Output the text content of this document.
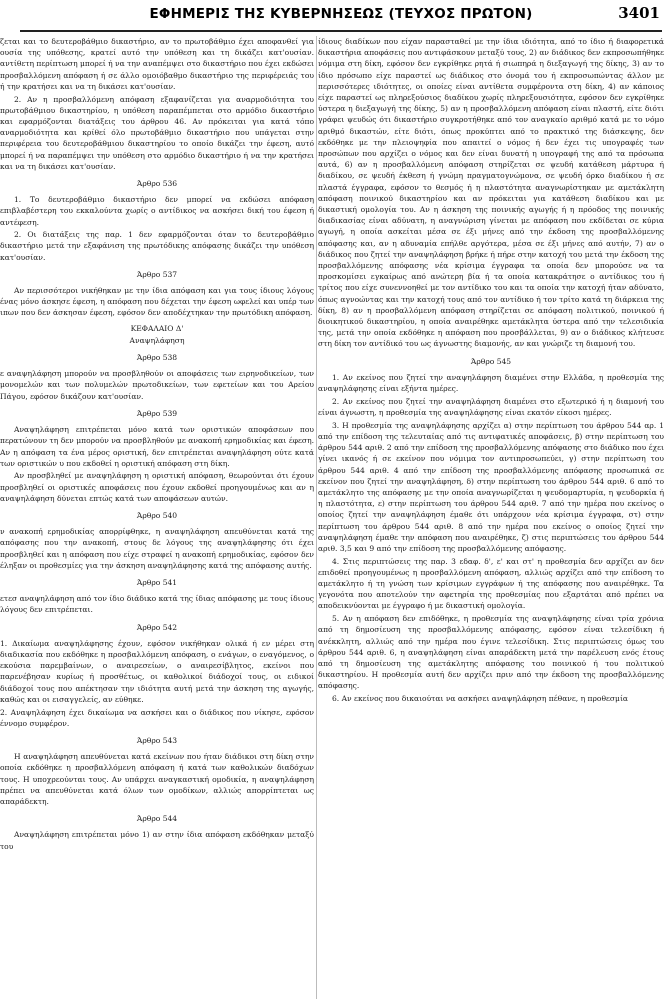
ΕΦΗΜΕΡΙΣ ΤΗΣ ΚΥΒΕΡΝΗΣΕΩΣ (ΤΕΥΧΟΣ ΠΡΩΤΟΝ)	3401

ζεται και το δευτεροβάθμιο δικαστήριο, αν το πρωτοβάθμιο έχει αποφανθεί για ουσία της υπόθεσης, κρατεί αυτό την υπόθεση και τη δικάζει κατ'ουσίαν. αντίθετη περίπτωση μπορεί ή να την αναπέμψει στο δικαστήριο που έχει εκδώσει προσβαλλόμενη απόφαση ή σε άλλο ομοιόβαθμο δικαστήριο της περιφέρειάς του ή την κρατήσει και να τη δικάσει κατ'ουσίαν.

2. Αν η προσβαλλόμενη απόφαση εξαφανίζεται για αναρμοδιότητα του πρωτοβάθμιου δικαστηρίου, η υπόθεση παραπέμπεται στο αρμόδιο δικαστήριο και εφαρμόζονται διατάξεις του άρθρου 46. Αν πρόκειται για κατά τόπο αναρμοδιότητα και κρίθεί όλο πρωτοβάθμιο δικαστήριο που υπάγεται στην περιφέρεια του δευτεροβάθμιου δικαστηρίου το οποίο δικάζει την έφεση, αυτό μπορεί ή να παραπέμψει την υπόθεση στο αρμόδιο δικαστήριο ή να την κρατήσει και να τη δικάσει κατ'ουσίαν.

Άρθρο 536

1. Το δευτεροβάθμιο δικαστήριο δεν μπορεί να εκδώσει απόφαση επιβλαβέστερη του εκκαλούντα χωρίς ο αντίδικος να ασκήσει δική του έφεση ή αντέφεση.

2. Οι διατάξεις της παρ. 1 δεν εφαρμόζονται όταν το δευτεροβάθμιο δικαστήριο μετά την εξαφάνιση της πρωτόδικης απόφασης δικάζει την υπόθεση κατ'ουσίαν.

Άρθρο 537

Αν περισσότεροι νικήθηκαν με την ίδια απόφαση και για τους ίδιους λόγους ένας μόνο άσκησε έφεση, η απόφαση που δέχεται την έφεση ωφελεί και υπέρ των ιπων που δεν άσκησαν έφεση, εφόσον δεν αποδέχτηκαν την πρωτόδικη απόφαση.

ΚΕΦΑΛΑΙΟ Δ'
Αναψηλάφηση
Άρθρο 538

ε αναψηλάφηση μπορούν να προσβληθούν οι αποφάσεις των ειρηνοδικείων, των μονομελών και των πολυμελών πρωτοδικείων, των εφετείων και του Αρείου Πάγου, εφόσον δικάζουν κατ'ουσίαν.

Άρθρο 539

Αναψηλάφηση επιτρέπεται μόνο κατά των οριστικών αποφάσεων που περατώνουν τη δεν μπορούν να προσβληθούν με ανακοπή ερημοδικίας και έφεση. Αν η απόφαση τα ένα μέρος οριστική, δεν επιτρέπεται αναψηλάφηση ούτε κατά των οριστικών υ που εκδοθεί η οριστική απόφαση στη δίκη.

Αν προσβληθεί με αναψηλάφηση η οριστική απόφαση, θεωρούνται ότι έχουν προσβληθεί οι οριστικές αποφάσεις που έχουν εκδοθεί προηγουμένως και αν η αναψηλάφηση δύνεται επτώς κατά των αποφάσεων αυτών.

Άρθρο 540

ν ανακοπή ερημοδικίας απορρίφθηκε, η αναψηλάφηση απευθύνεται κατά της απόφασης που την ανακοπή, στους δε λόγους της αναψηλάφησης ότι έχει προσβληθεί και η απόφαση που είχε στραφεί η ανακοπή ερημοδικίας, εφόσον δεν έληξαν οι προθεσμίες για την άσκηση αναψηλάφησης κατά της απόφασης αυτής.

Άρθρο 541

ετεσ αναψηλάφηση από τον ίδιο διάδικο κατά της ίδιας απόφασης με τους ίδιους λόγους δεν επιτρέπεται.

Άρθρο 542

1. Δικαίωμα αναψηλάφησης έχουν, εφόσον νικήθηκαν ολικά ή εν μέρει στη διαδικασία που εκδόθηκε η προσβαλλόμενη απόφαση, ο ενάγων, ο εναγόμενος, ο εκούσια παρεμβαίνων, ο αναιρεσείων, ο αναιρεσίβλητος, εκείνοι που παρενέβησαν κυρίως ή προσθέτως, οι καθολικοί διάδοχοί τους, οι ειδικοί διάδοχοί τους που απέκτησαν την ιδιότητα αυτή μετά την άσκηση της αγωγής, καθώς και οι εισαγγελείς, αν εύθηκε.

2. Αναψηλάφηση έχει δικαίωμα να ασκήσει και ο διάδικος που νίκησε, εφόσον έννομο συμφέρον.

Άρθρο 543

Η αναψηλάφηση απευθύνεται κατά εκείνων που ήταν διάδικοι στη δίκη στην οποία εκδόθηκε η προσβαλλόμενη απόφαση ή κατά των καθολικών διαδόχων τους. Η υποχρεούνται τους. Αν υπάρχει αναγκαστική ομοδικία, η αναψηλάφηση πρέπει να απευθύνεται κατά όλων των ομοδίκων, αλλιώς απορρίπτεται ως απαράδεκτη.

Άρθρο 544

Αναψηλάφηση επιτρέπεται μόνο 1) αν στην ίδια απόφαση εκδόθηκαν μεταξύ του

ίδιους διαδίκων που είχαν παρασταθεί με την ίδια ιδιότητα, από το ίδιο ή διαφορετικά δικαστήρια αποφάσεις που αντιφάσκουν μεταξύ τους, 2) αν διάδικος δεν εκπροσωπήθηκε νόμιμα στη δίκη, εφόσον δεν εγκρίθηκε ρητά ή σιωπηρά η διεξαγωγή της δίκης, 3) αν το ίδιο πρόσωπο είχε παραστεί ως διάδικος στο όνομά του ή εκπροσωπώντας άλλον με περισσότερες ιδιότητες, οι οποίες είναι αντίθετα συμφέροντα στη δίκη, 4) αν κάποιος είχε παραστεί ως πληρεξούσιος διαδίκου χωρίς πληρεξουσιότητα, εφόσον δεν εγκρίθηκε ύστερα η διεξαγωγή της δίκης, 5) αν η προσβαλλόμενη απόφαση είναι πλαστή, είτε διότι γράφει ψευδώς ότι δικαστήριο συγκροτήθηκε από τον αναγκαίο αριθμό κατά με το νόμο αριθμό δικαστών, είτε διότι, όπως προκύπτει από το πρακτικό της διάσκεψης, δεν εκδόθηκε με την πλειοψηφία που απαιτεί ο νόμος ή δεν έχει τις υπογραφές των προσώπων που αρχίζει ο νόμος και δεν είναι δυνατή η υπογραφή της από τα πρόσωπα αυτά, 6) αν η προσβαλλόμενη απόφαση στηρίζεται σε ψευδή κατάθεση μάρτυρα ή διαδίκου, σε ψευδή έκθεση ή γνώμη πραγματογνώμονα, σε ψευδή όρκο διαδίκου ή σε πλαστά έγγραφα, εφόσον το θεσμός ή η πλαστότητα αναγνωρίστηκαν με αμετάκλητη απόφαση ποινικού δικαστηρίου και αν πρόκειται για κατάθεση διαδίκου και με δικαστική ομολογία του. Αν η άσκηση της ποινικής αγωγής ή η πρόοδος της ποινικής διαδικασίας είναι αδύνατη, η αναγνώριση γίνεται με απόφαση που εκδίδεται σε κύρια αγωγή, η οποία ασκείται μέσα σε έξι μήνες από την έκδοση της προσβαλλόμενης απόφασης και, αν η αδυναμία επήλθε αργότερα, μέσα σε έξι μήνες από αυτήν, 7) αν ο διάδικος που ζητεί την αναψηλάφηση βρήκε ή πήρε στην κατοχή του μετά την έκδοση της προσβαλλόμενης απόφασης νέα κρίσιμα έγγραφα τα οποία δεν μπορούσε να τα προσκομίσει εγκαίρως από ανώτερη βία ή τα οποία κατακράτησε ο αντίδικος του ή τρίτος που είχε συνεννοηθεί με τον αντίδικο του και τα οποία την κατοχή ήταν αδύνατο, όπως αγνοώντας και την κατοχή τους από τον αντίδικο ή τον τρίτο κατά τη διάρκεια της δίκη, 8) αν η προσβαλλόμενη απόφαση στηρίζεται σε απόφαση πολιτικού, ποινικού ή διοικητικού δικαστηρίου, η οποία αναιρέθηκε αμετάκλητα ύστερα από την τελεσιδικία της, μετά την οποία εκδόθηκε η απόφαση που προσβάλλεται, 9) αν ο διάδικος κλήτευσε στη δίκη τον αντίδικό του ως άγνωστης διαμονής, αν και γνώριζε τη διαμονή του.

Άρθρο 545

1. Αν εκείνος που ζητεί την αναψηλάφηση διαμένει στην Ελλάδα, η προθεσμία της αναψηλάφησης είναι εξήντα ημέρες.

2. Αν εκείνος που ζητεί την αναψηλάφηση διαμένει στο εξωτερικό ή η διαμονή του είναι άγνωστη, η προθεσμία της αναψηλάφησης είναι εκατόν είκοσι ημέρες.

3. Η προθεσμία της αναψηλάφησης αρχίζει α) στην περίπτωση του άρθρου 544 αρ. 1 από την επίδοση της τελευταίας από τις αντιφατικές αποφάσεις, β) στην περίπτωση του άρθρου 544 αριθ. 2 από την επίδοση της προσβαλλόμενης απόφασης στο διάδικο που έχει γίνει ικανός ή σε εκείνον που νόμιμα τον αντιπροσωπεύει, γ) στην περίπτωση του άρθρου 544 αριθ. 4 από την επίδοση της προσβαλλόμενης απόφασης προσωπικά σε εκείνον που ζητεί την αναψηλάφηση, δ) στην περίπτωση του άρθρου 544 αριθ. 6 από το αμετάκλητο της απόφασης με την οποία αναγνωρίζεται η ψευδομαρτυρία, η ψευδορκία ή η πλαστότητα, ε) στην περίπτωση του άρθρου 544 αριθ. 7 από την ημέρα που εκείνος ο οποίος ζητεί την αναψηλάφηση έμαθε ότι υπάρχουν νέα κρίσιμα έγγραφα, στ) στην περίπτωση του άρθρου 544 αριθ. 8 από την ημέρα που εκείνος ο οποίος ζητεί την αναψηλάφηση έμαθε την απόφαση που αναιρέθηκε, ζ) στις περιπτώσεις του άρθρου 544 αριθ. 3,5 και 9 από την επίδοση της προσβαλλόμενης απόφασης.

4. Στις περιπτώσεις της παρ. 3 εδαφ. δ', ε' και στ' η προθεσμία δεν αρχίζει αν δεν επιδοθεί προηγουμένως η προσβαλλόμενη απόφαση, αλλιώς αρχίζει από την επίδοση το αμετάκλητο ή τη γνώση των κρίσιμων εγγράφων ή της απόφασης που αναιρέθηκε. Τα γεγονότα που αποτελούν την αφετηρία της προθεσμίας που εξαρτάται από πρέπει να αποδεικνύονται με έγγραφο ή με δικαστική ομολογία.

5. Αν η απόφαση δεν επιδόθηκε, η προθεσμία της αναψηλάφησης είναι τρία χρόνια από τη δημοσίευση της προσβαλλόμενης απόφασης, εφόσον είναι τελεσίδικη ή ανέκκλητη, αλλιώς από την ημέρα που έγινε τελεσίδικη. Στις περιπτώσεις όμως του άρθρου 544 αριθ. 6, η αναψηλάφηση είναι απαράδεκτη μετά την παρέλευση ενός έτους από τη δημοσίευση της αμετάκλητης απόφασης του ποινικού ή του πολιτικού δικαστηρίου. Η προθεσμία αυτή δεν αρχίζει πριν από την έκδοση της προσβαλλόμενης απόφασης.

6. Αν εκείνος που δικαιούται να ασκήσει αναψηλάφηση πέθανε, η προθεσμία
